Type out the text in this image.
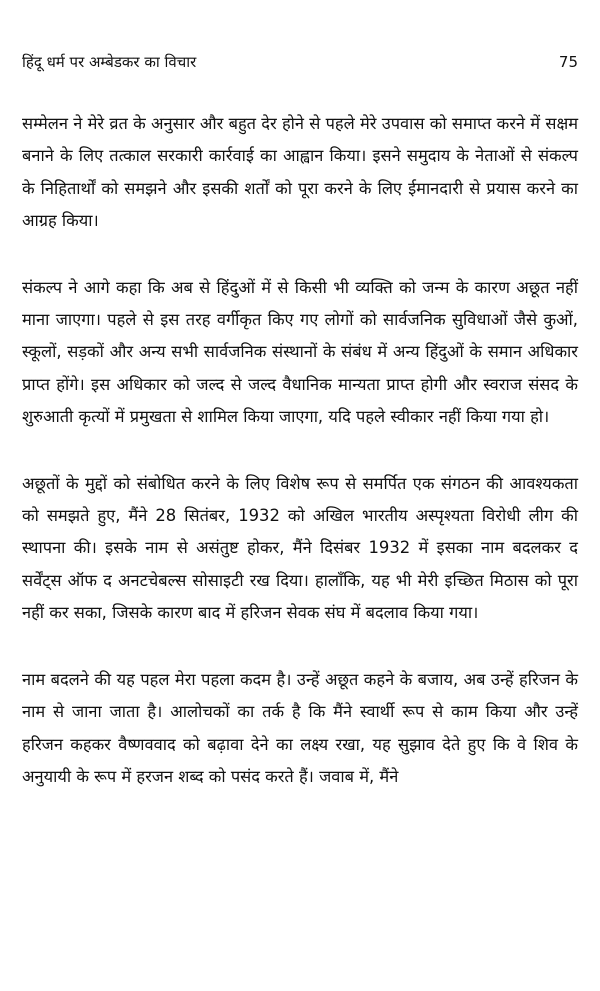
हिंदू धर्म पर अम्बेडकर का विचार	75

सम्मेलन ने मेरे व्रत के अनुसार और बहुत देर होने से पहले मेरे उपवास को समाप्त करने में सक्षम बनाने के लिए तत्काल सरकारी कार्रवाई का आह्वान किया। इसने समुदाय के नेताओं से संकल्प के निहितार्थों को समझने और इसकी शर्तों को पूरा करने के लिए ईमानदारी से प्रयास करने का आग्रह किया।

संकल्प ने आगे कहा कि अब से हिंदुओं में से किसी भी व्यक्ति को जन्म के कारण अछूत नहीं माना जाएगा। पहले से इस तरह वर्गीकृत किए गए लोगों को सार्वजनिक सुविधाओं जैसे कुओं, स्कूलों, सड़कों और अन्य सभी सार्वजनिक संस्थानों के संबंध में अन्य हिंदुओं के समान अधिकार प्राप्त होंगे। इस अधिकार को जल्द से जल्द वैधानिक मान्यता प्राप्त होगी और स्वराज संसद के शुरुआती कृत्यों में प्रमुखता से शामिल किया जाएगा, यदि पहले स्वीकार नहीं किया गया हो।

अछूतों के मुद्दों को संबोधित करने के लिए विशेष रूप से समर्पित एक संगठन की आवश्यकता को समझते हुए, मैंने 28 सितंबर, 1932 को अखिल भारतीय अस्पृश्यता विरोधी लीग की स्थापना की। इसके नाम से असंतुष्ट होकर, मैंने दिसंबर 1932 में इसका नाम बदलकर द सर्वेंट्स ऑफ द अनटचेबल्स सोसाइटी रख दिया। हालाँकि, यह भी मेरी इच्छित मिठास को पूरा नहीं कर सका, जिसके कारण बाद में हरिजन सेवक संघ में बदलाव किया गया।

नाम बदलने की यह पहल मेरा पहला कदम है। उन्हें अछूत कहने के बजाय, अब उन्हें हरिजन के नाम से जाना जाता है। आलोचकों का तर्क है कि मैंने स्वार्थी रूप से काम किया और उन्हें हरिजन कहकर वैष्णववाद को बढ़ावा देने का लक्ष्य रखा, यह सुझाव देते हुए कि वे शिव के अनुयायी के रूप में हरजन शब्द को पसंद करते हैं। जवाब में, मैंने
